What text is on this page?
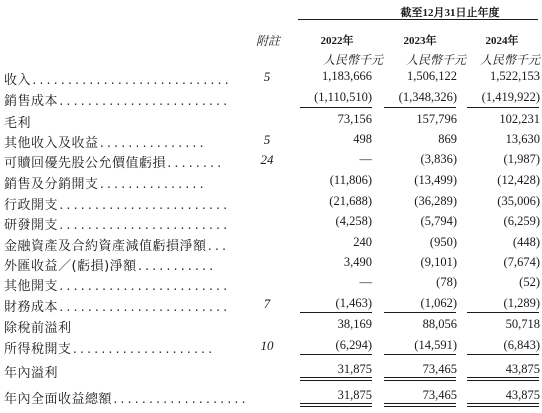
截至12月31日止年度
附註	2022年	2023年	2024年
人民幣千元	人民幣千元	人民幣千元
收入............................	5	1,183,666	1,506,122	1,522,153
銷售成本........................	(1,110,510)	(1,348,326)	(1,419,922)
毛利	73,156	157,796	102,231
其他收入及收益...............	5	498	869	13,630
可贖回優先股公允價值虧損........	24	—	(3,836)	(1,987)
銷售及分銷開支...............	(11,806)	(13,499)	(12,428)
行政開支........................	(21,688)	(36,289)	(35,006)
研發開支........................	(4,258)	(5,794)	(6,259)
金融資產及合約資產減值虧損淨額...	240	(950)	(448)
外匯收益／(虧損)淨額...........	3,490	(9,101)	(7,674)
其他開支........................	—	(78)	(52)
財務成本........................	7	(1,463)	(1,062)	(1,289)
除稅前溢利	38,169	88,056	50,718
所得稅開支....................	10	(6,294)	(14,591)	(6,843)
年內溢利	31,875	73,465	43,875
年內全面收益總額...................	31,875	73,465	43,875
